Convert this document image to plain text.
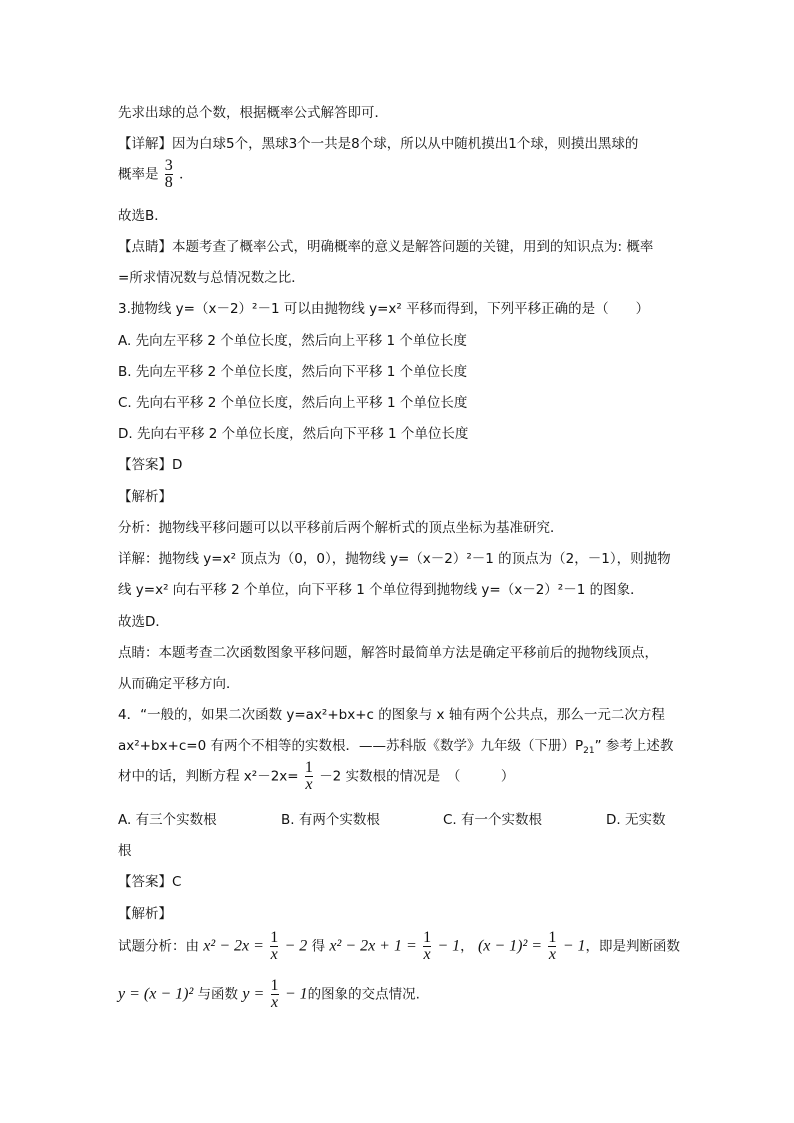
先求出球的总个数，根据概率公式解答即可．
【详解】因为白球5个，黑球3个一共是8个球，所以从中随机摸出1个球，则摸出黑球的
概率是 $\frac{3}{8}$ ．
故选B．
【点睛】本题考查了概率公式，明确概率的意义是解答问题的关键，用到的知识点为: 概率
=所求情况数与总情况数之比．
3.抛物线 y=（x－2）²－1 可以由抛物线 y=x² 平移而得到，下列平移正确的是（　　）
A. 先向左平移 2 个单位长度，然后向上平移 1 个单位长度
B. 先向左平移 2 个单位长度，然后向下平移 1 个单位长度
C. 先向右平移 2 个单位长度，然后向上平移 1 个单位长度
D. 先向右平移 2 个单位长度，然后向下平移 1 个单位长度
【答案】D
【解析】
分析：抛物线平移问题可以以平移前后两个解析式的顶点坐标为基准研究．
详解：抛物线 y=x² 顶点为（0，0），抛物线 y=（x－2）²－1 的顶点为（2，－1），则抛物
线 y=x² 向右平移 2 个单位，向下平移 1 个单位得到抛物线 y=（x－2）²－1 的图象．
故选D．
点睛：本题考查二次函数图象平移问题，解答时最简单方法是确定平移前后的抛物线顶点，
从而确定平移方向．
4．“一般的，如果二次函数 y=ax²+bx+c 的图象与 x 轴有两个公共点，那么一元二次方程
ax²+bx+c=0 有两个不相等的实数根．——苏科版《数学》九年级（下册）$P_{21}$” 参考上述教
材中的话，判断方程 $x^2-2x= \frac{1}{x} -2$ 实数根的情况是　（　　　）
A. 有三个实数根	B. 有两个实数根	C. 有一个实数根	D. 无实数
根
【答案】C
【解析】
试题分析：由 $x^2 - 2x = \frac{1}{x} - 2$ 得 $x^2 - 2x + 1 = \frac{1}{x} - 1$， $(x - 1)^2 = \frac{1}{x} - 1$，即是判断函数
y = (x − 1)² 与函数 $y = \frac{1}{x} - 1$的图象的交点情况.
